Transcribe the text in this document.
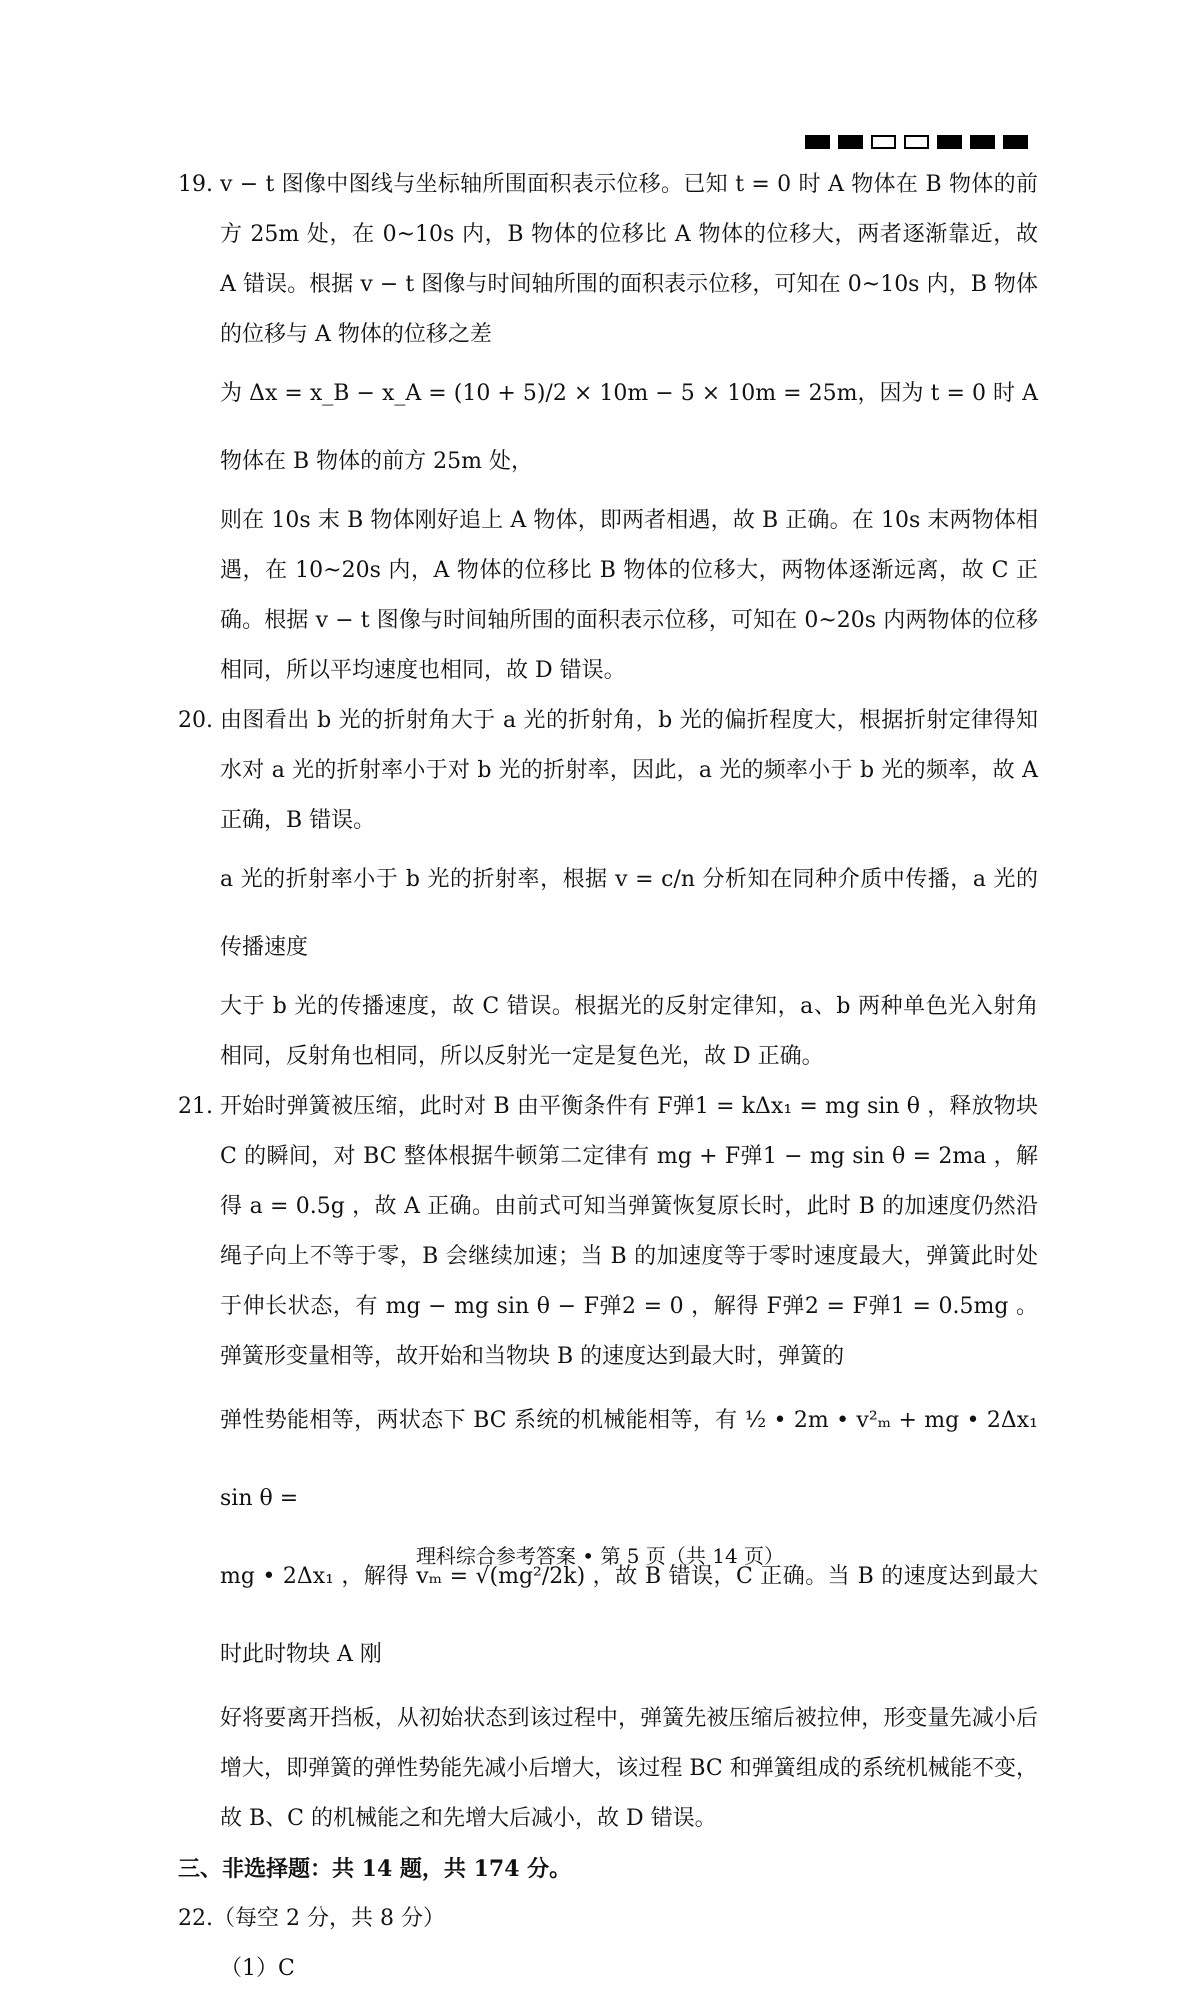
19. v − t 图像中图线与坐标轴所围面积表示位移。已知 t = 0 时 A 物体在 B 物体的前方 25m 处，在 0~10s 内，B 物体的位移比 A 物体的位移大，两者逐渐靠近，故 A 错误。根据 v − t 图像与时间轴所围的面积表示位移，可知在 0~10s 内，B 物体的位移与 A 物体的位移之差

为 Δx = x_B − x_A = (10 + 5)/2 × 10m − 5 × 10m = 25m，因为 t = 0 时 A 物体在 B 物体的前方 25m 处，

则在 10s 末 B 物体刚好追上 A 物体，即两者相遇，故 B 正确。在 10s 末两物体相遇，在 10~20s 内，A 物体的位移比 B 物体的位移大，两物体逐渐远离，故 C 正确。根据 v − t 图像与时间轴所围的面积表示位移，可知在 0~20s 内两物体的位移相同，所以平均速度也相同，故 D 错误。

20. 由图看出 b 光的折射角大于 a 光的折射角，b 光的偏折程度大，根据折射定律得知水对 a 光的折射率小于对 b 光的折射率，因此，a 光的频率小于 b 光的频率，故 A 正确，B 错误。

a 光的折射率小于 b 光的折射率，根据 v = c/n 分析知在同种介质中传播，a 光的传播速度

大于 b 光的传播速度，故 C 错误。根据光的反射定律知，a、b 两种单色光入射角相同，反射角也相同，所以反射光一定是复色光，故 D 正确。

21. 开始时弹簧被压缩，此时对 B 由平衡条件有 F弹1 = kΔx₁ = mg sin θ ，释放物块 C 的瞬间，对 BC 整体根据牛顿第二定律有 mg + F弹1 − mg sin θ = 2ma ，解得 a = 0.5g ，故 A 正确。由前式可知当弹簧恢复原长时，此时 B 的加速度仍然沿绳子向上不等于零，B 会继续加速；当 B 的加速度等于零时速度最大，弹簧此时处于伸长状态，有 mg − mg sin θ − F弹2 = 0 ，解得 F弹2 = F弹1 = 0.5mg 。弹簧形变量相等，故开始和当物块 B 的速度达到最大时，弹簧的

弹性势能相等，两状态下 BC 系统的机械能相等，有 ½ • 2m • v²ₘ + mg • 2Δx₁ sin θ =

mg • 2Δx₁ ，解得 vₘ = √(mg²/2k) ，故 B 错误，C 正确。当 B 的速度达到最大时此时物块 A 刚

好将要离开挡板，从初始状态到该过程中，弹簧先被压缩后被拉伸，形变量先减小后增大，即弹簧的弹性势能先减小后增大，该过程 BC 和弹簧组成的系统机械能不变，故 B、C 的机械能之和先增大后减小，故 D 错误。

三、非选择题：共 14 题，共 174 分。

22.（每空 2 分，共 8 分）

（1）C

理科综合参考答案 • 第 5 页（共 14 页）
